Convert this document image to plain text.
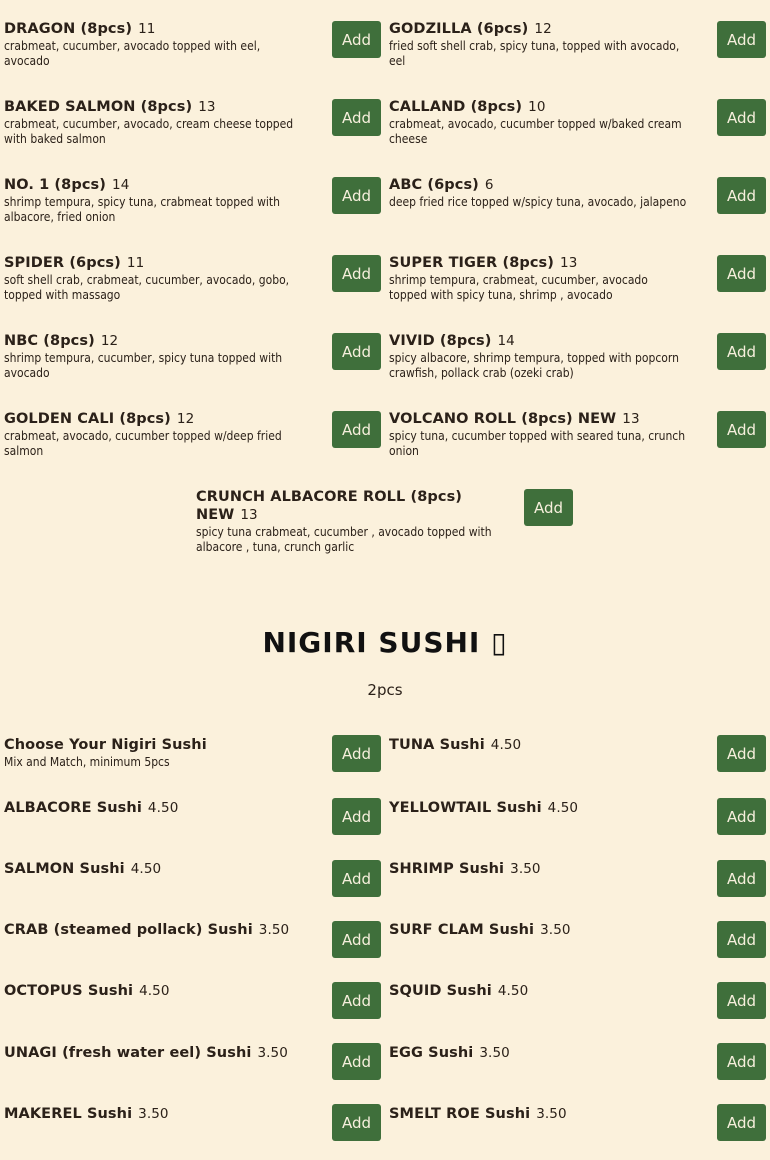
DRAGON (8pcs) 11
crabmeat, cucumber, avocado topped with eel, avocado
Add
GODZILLA (6pcs) 12
fried soft shell crab, spicy tuna, topped with avocado, eel
Add
BAKED SALMON (8pcs) 13
crabmeat, cucumber, avocado, cream cheese topped with baked salmon
Add
CALLAND (8pcs) 10
crabmeat, avocado, cucumber topped w/baked cream cheese
Add
NO. 1 (8pcs) 14
shrimp tempura, spicy tuna, crabmeat topped with albacore, fried onion
Add
ABC (6pcs) 6
deep fried rice topped w/spicy tuna, avocado, jalapeno	Add
SPIDER (6pcs) 11
soft shell crab, crabmeat, cucumber, avocado, gobo, topped with massago
Add
SUPER TIGER (8pcs) 13
shrimp tempura, crabmeat, cucumber, avocado topped with spicy tuna, shrimp , avocado
Add
NBC (8pcs) 12
shrimp tempura, cucumber, spicy tuna topped with avocado
Add
VIVID (8pcs) 14
spicy albacore, shrimp tempura, topped with popcorn crawfish, pollack crab (ozeki crab)
Add
GOLDEN CALI (8pcs) 12
crabmeat, avocado, cucumber topped w/deep fried salmon
Add
VOLCANO ROLL (8pcs) NEW 13
spicy tuna, cucumber topped with seared tuna, crunch onion
Add
CRUNCH ALBACORE ROLL (8pcs) NEW 13
spicy tuna crabmeat, cucumber , avocado topped with albacore , tuna, crunch garlic
Add
NIGIRI SUSHI ▯
2pcs
Choose Your Nigiri Sushi
Mix and Match, minimum 5pcs	Add	TUNA Sushi 4.50	Add
ALBACORE Sushi 4.50	Add	YELLOWTAIL Sushi 4.50	Add
SALMON Sushi 4.50
Add
SHRIMP Sushi 3.50
Add
CRAB (steamed pollack) Sushi 3.50
Add
SURF CLAM Sushi 3.50
Add
OCTOPUS Sushi 4.50
Add
SQUID Sushi 4.50
Add
UNAGI (fresh water eel) Sushi 3.50	Add	EGG Sushi 3.50	Add
MAKEREL Sushi 3.50	Add	SMELT ROE Sushi 3.50	Add
